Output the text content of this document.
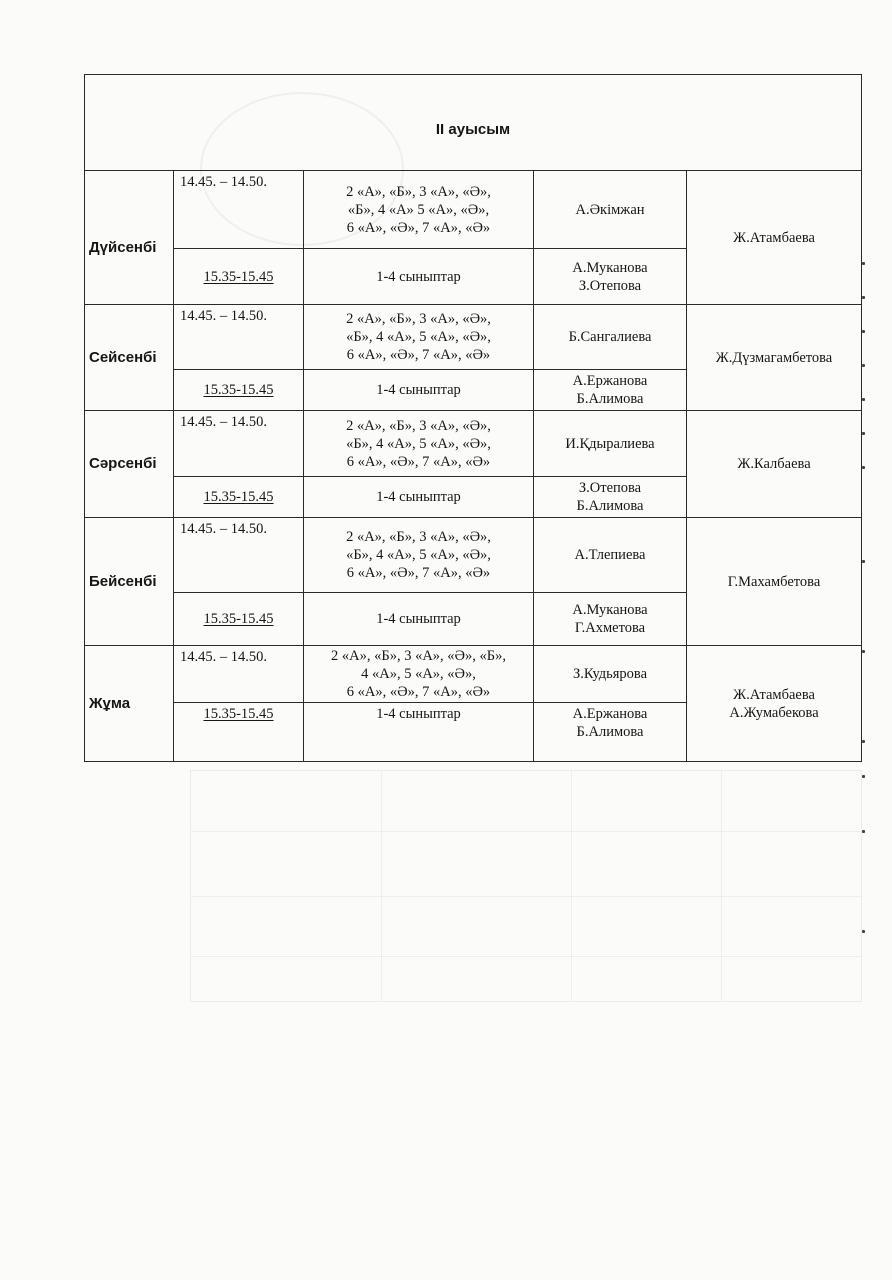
II ауысым				
Дүйсенбі	14.45. – 14.50.	2 «А», «Б», 3 «А», «Ә»,
«Б», 4 «А» 5 «А», «Ә»,
6 «А», «Ә», 7 «А», «Ә»	А.Әкімжан	Ж.Атамбаева
	15.35-15.45	1-4 сыныптар	А.Муканова
З.Отепова	
Сейсенбі	14.45. – 14.50.	2 «А», «Б», 3 «А», «Ә»,
«Б», 4 «А», 5 «А», «Ә»,
6 «А», «Ә», 7 «А», «Ә»	Б.Сангалиева	Ж.Дүзмагамбетова
	15.35-15.45	1-4 сыныптар	А.Ержанова
Б.Алимова	
Сәрсенбі	14.45. – 14.50.	2 «А», «Б», 3 «А», «Ә»,
«Б», 4 «А», 5 «А», «Ә»,
6 «А», «Ә», 7 «А», «Ә»	И.Қдыралиева	Ж.Калбаева
	15.35-15.45	1-4 сыныптар	З.Отепова
Б.Алимова	
Бейсенбі	14.45. – 14.50.	2 «А», «Б», 3 «А», «Ә»,
«Б», 4 «А», 5 «А», «Ә»,
6 «А», «Ә», 7 «А», «Ә»	А.Тлепиева	Г.Махамбетова
	15.35-15.45	1-4 сыныптар	А.Муканова
Г.Ахметова	
Жұма	14.45. – 14.50.	2 «А», «Б», 3 «А», «Ә», «Б»,
4 «А», 5 «А», «Ә»,
6 «А», «Ә», 7 «А», «Ә»	З.Кудьярова	Ж.Атамбаева
А.Жумабекова
	15.35-15.45	1-4 сыныптар	А.Ержанова
Б.Алимова	
